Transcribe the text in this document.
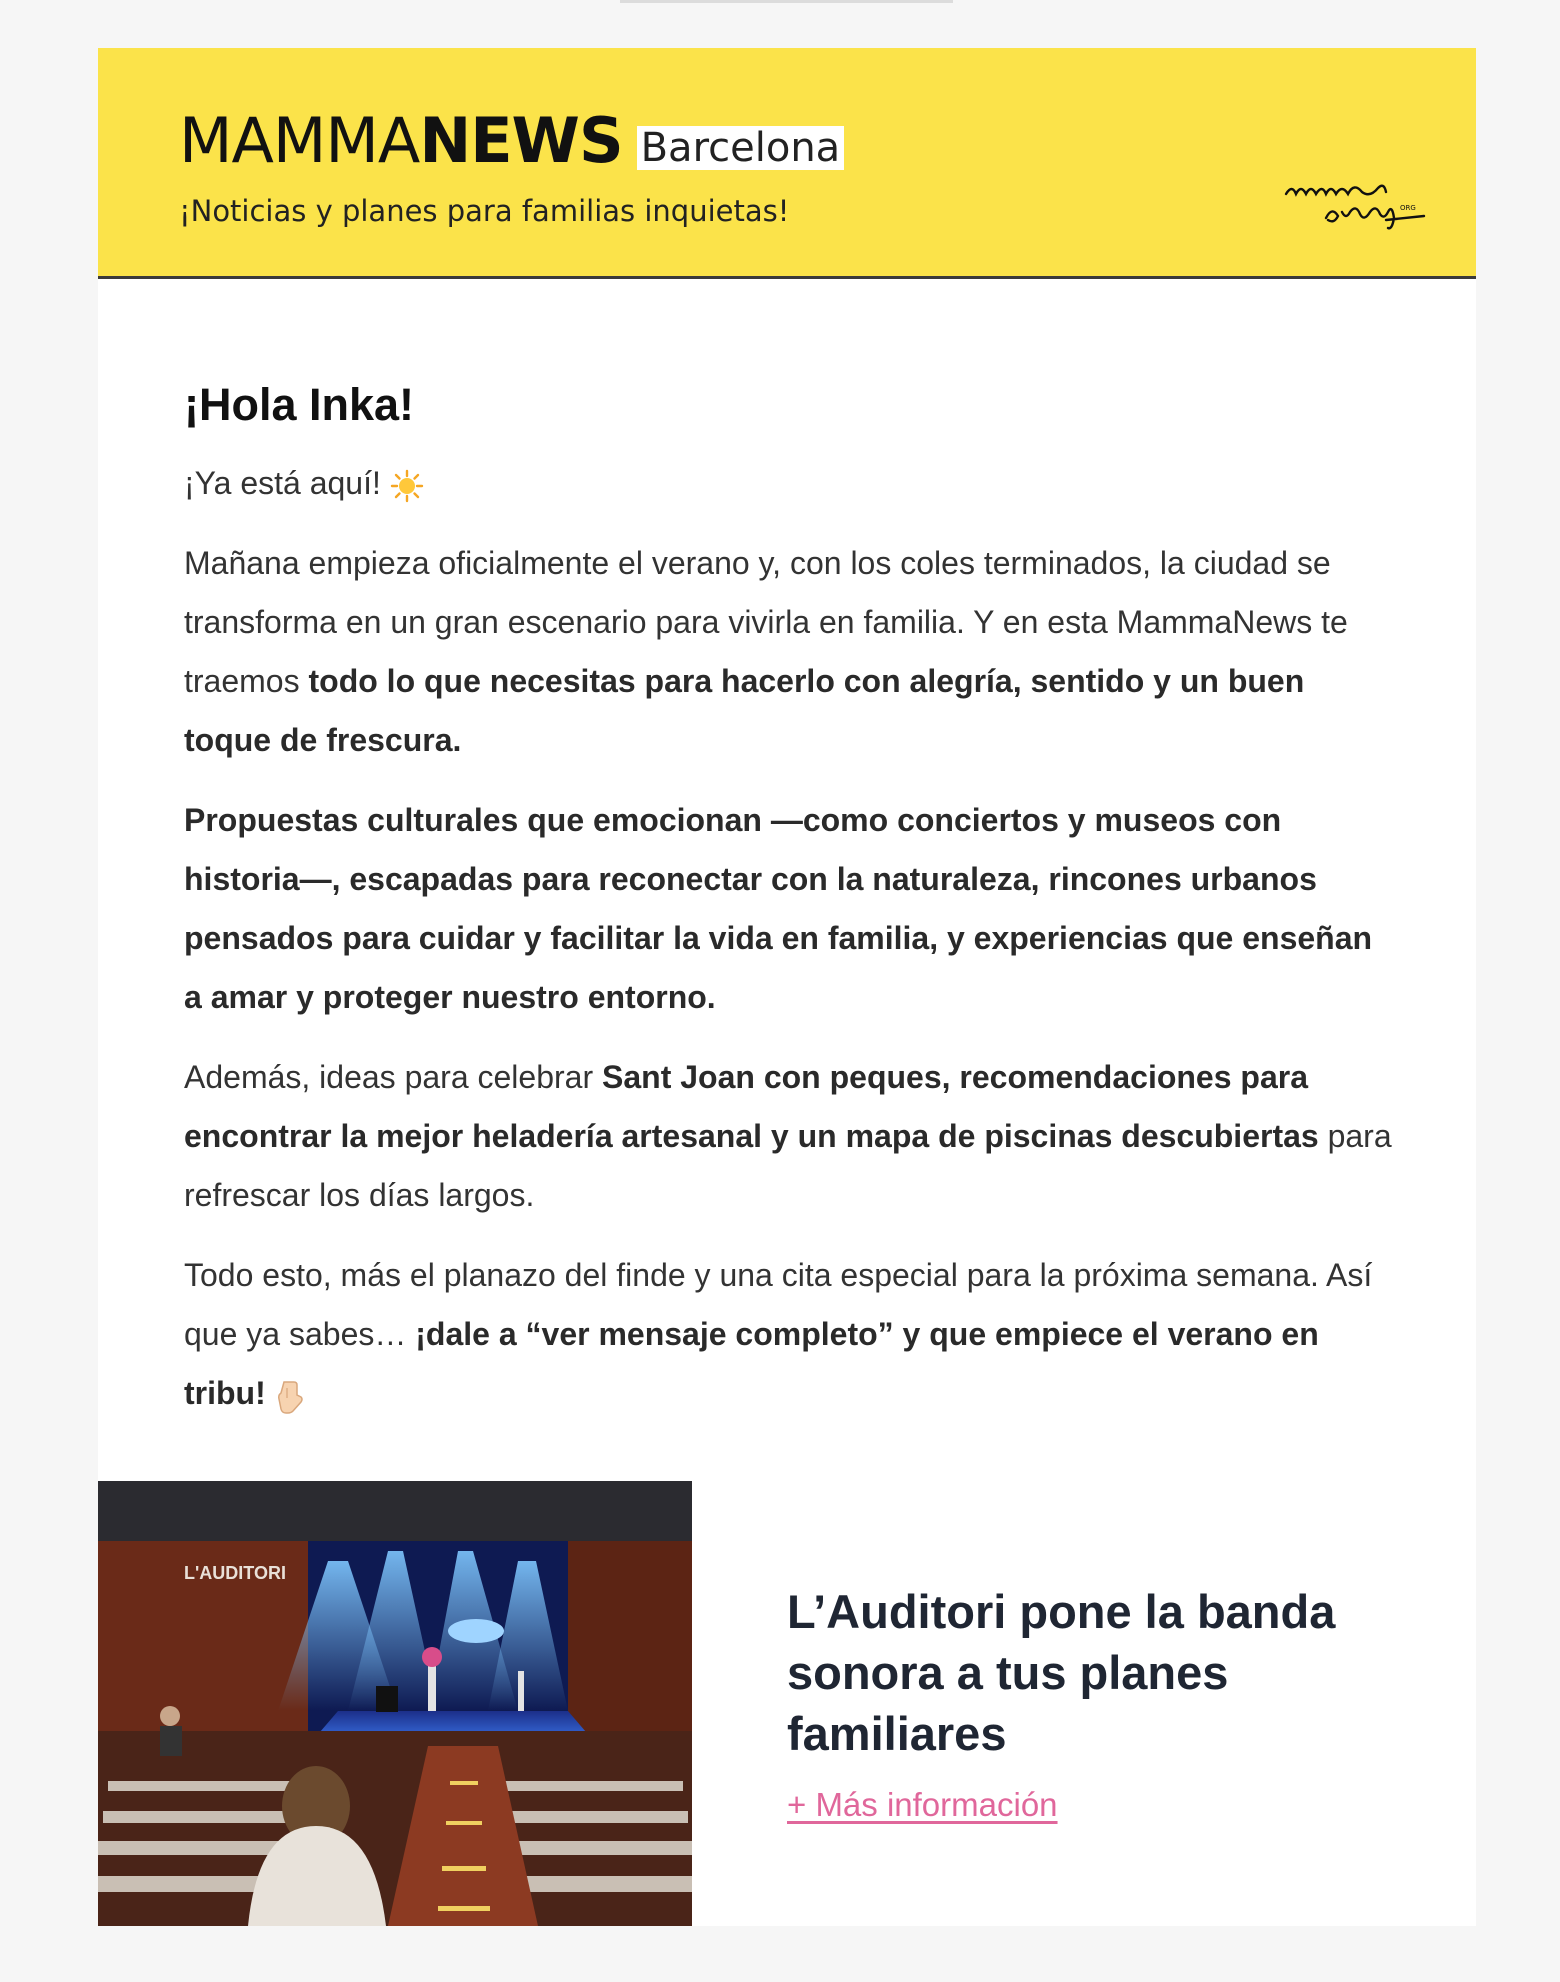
MAMMANEWS Barcelona
¡Noticias y planes para familias inquietas!	ORG
¡Hola Inka!

¡Ya está aquí!

Mañana empieza oficialmente el verano y, con los coles terminados, la ciudad se transforma en un gran escenario para vivirla en familia. Y en esta MammaNews te traemos todo lo que necesitas para hacerlo con alegría, sentido y un buen toque de frescura.

Propuestas culturales que emocionan —como conciertos y museos con historia—, escapadas para reconectar con la naturaleza, rincones urbanos pensados para cuidar y facilitar la vida en familia, y experiencias que enseñan a amar y proteger nuestro entorno.

Además, ideas para celebrar Sant Joan con peques, recomendaciones para encontrar la mejor heladería artesanal y un mapa de piscinas descubiertas para refrescar los días largos.

Todo esto, más el planazo del finde y una cita especial para la próxima semana. Así que ya sabes… ¡dale a “ver mensaje completo” y que empiece el verano en tribu!

L'AUDITORI
L’Auditori pone la banda sonora a tus planes familiares
+ Más información
